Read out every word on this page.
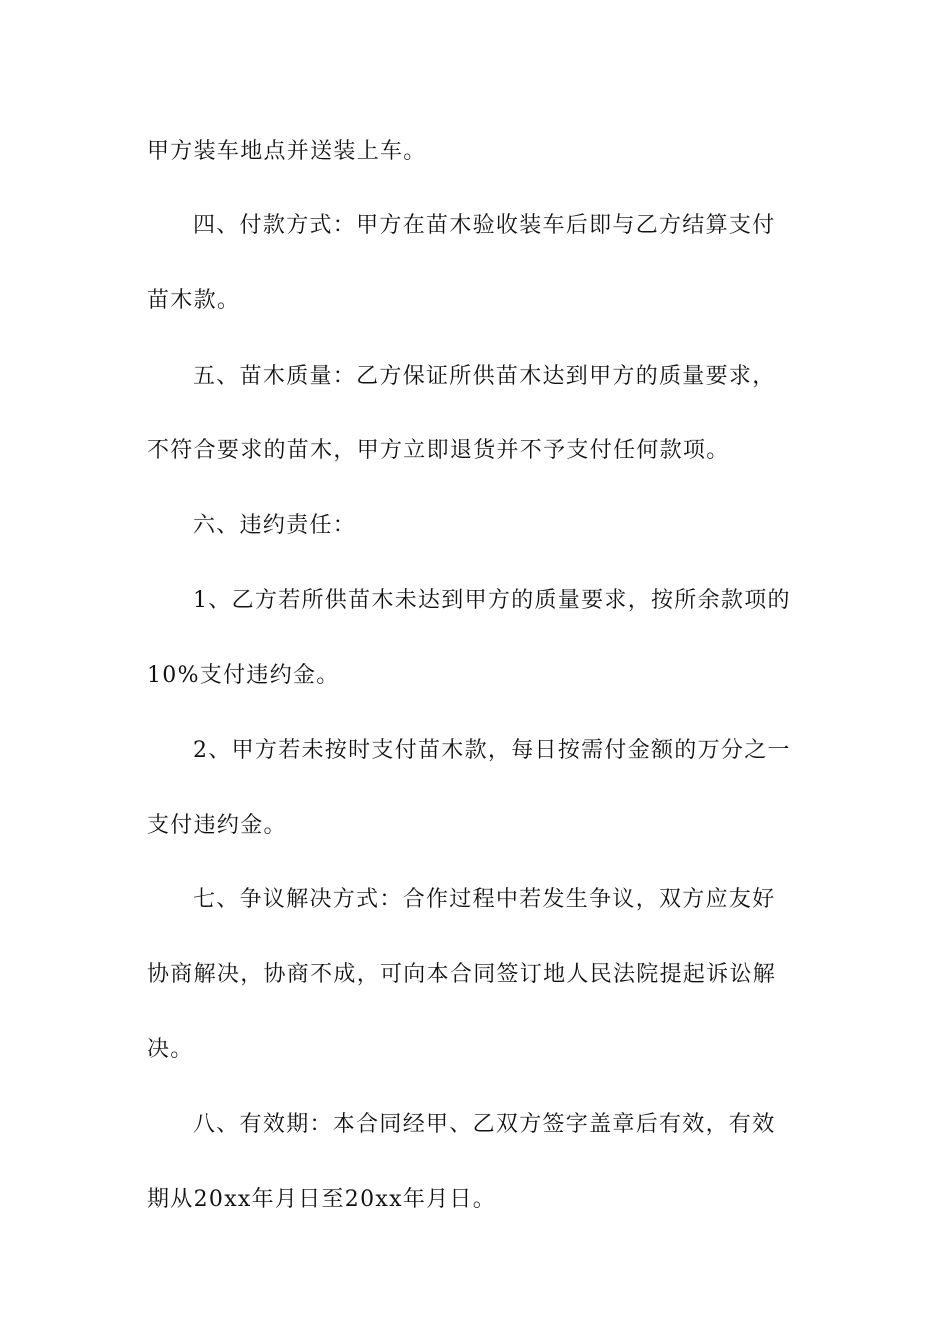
甲方装车地点并送装上车。
四、付款方式：甲方在苗木验收装车后即与乙方结算支付
苗木款。
五、苗木质量：乙方保证所供苗木达到甲方的质量要求，
不符合要求的苗木，甲方立即退货并不予支付任何款项。
六、违约责任：
1、乙方若所供苗木未达到甲方的质量要求，按所余款项的
10%支付违约金。
2、甲方若未按时支付苗木款，每日按需付金额的万分之一
支付违约金。
七、争议解决方式：合作过程中若发生争议，双方应友好
协商解决，协商不成，可向本合同签订地人民法院提起诉讼解
决。
八、有效期：本合同经甲、乙双方签字盖章后有效，有效
期从20xx年月日至20xx年月日。
